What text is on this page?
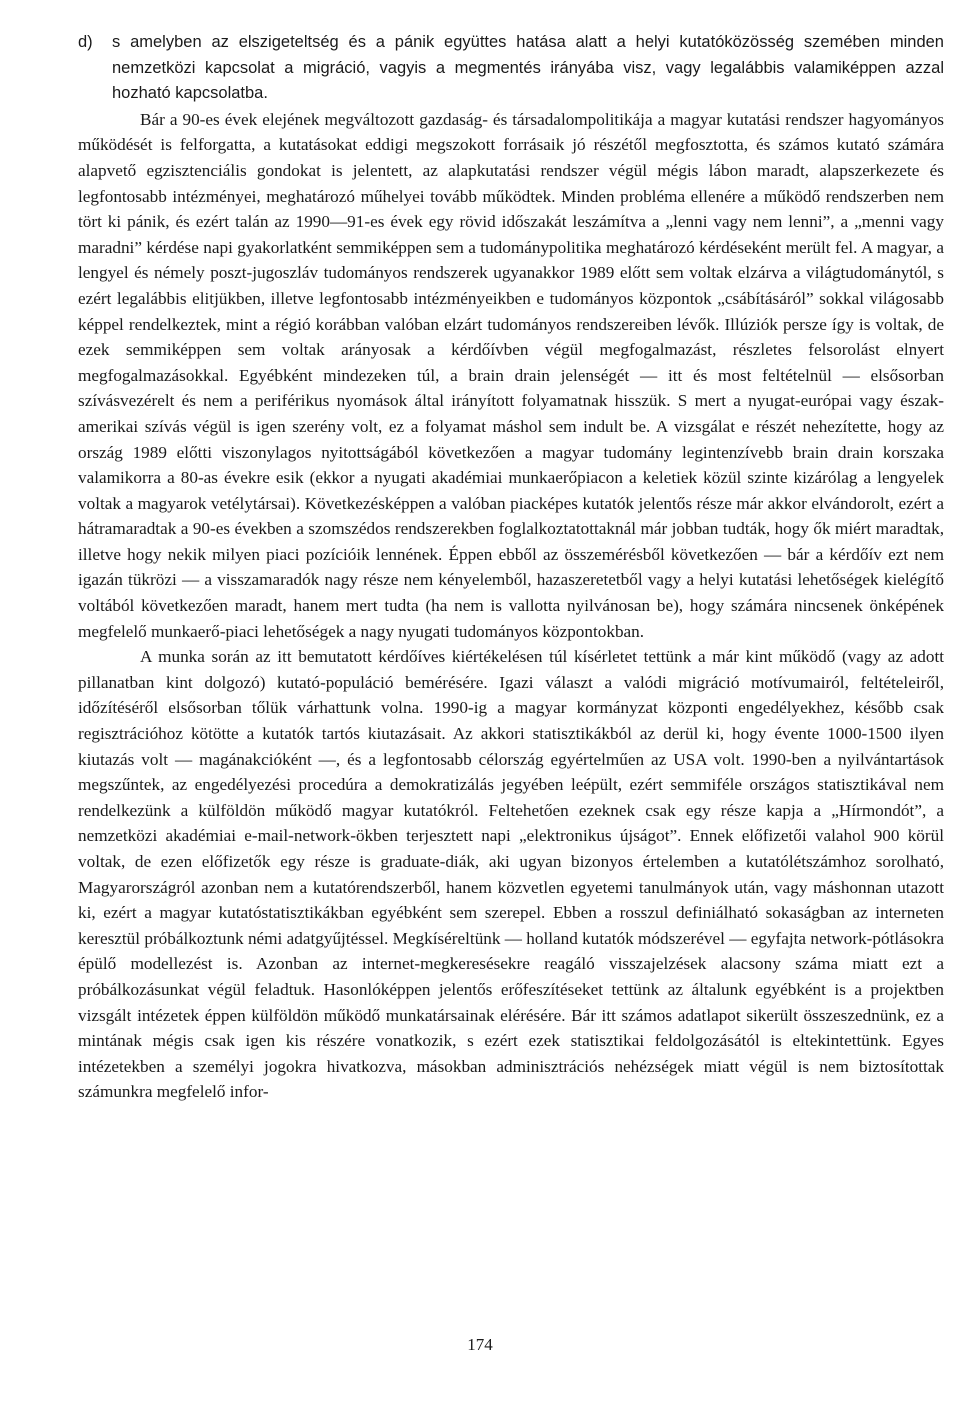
d)	s amelyben az elszigeteltség és a pánik együttes hatása alatt a helyi kutatóközösség szemében minden nemzetközi kapcsolat a migráció, vagyis a megmentés irányába visz, vagy legalábbis valamiképpen azzal hozható kapcsolatba.

Bár a 90-es évek elejének megváltozott gazdaság- és társadalompolitikája a magyar kutatási rendszer hagyományos működését is felforgatta, a kutatásokat eddigi megszokott forrásaik jó részétől megfosztotta, és számos kutató számára alapvető egzisztenciális gondokat is jelentett, az alapkutatási rendszer végül mégis lábon maradt, alapszerkezete és legfontosabb intézményei, meghatározó műhelyei tovább működtek. Minden probléma ellenére a működő rendszerben nem tört ki pánik, és ezért talán az 1990—91-es évek egy rövid időszakát leszámítva a „lenni vagy nem lenni”, a „menni vagy maradni” kérdése napi gyakorlatként semmiképpen sem a tudománypolitika meghatározó kérdéseként merült fel. A magyar, a lengyel és némely poszt-jugoszláv tudományos rendszerek ugyanakkor 1989 előtt sem voltak elzárva a világtudománytól, s ezért legalábbis elitjükben, illetve legfontosabb intézményeikben e tudományos központok „csábításáról” sokkal világosabb képpel rendelkeztek, mint a régió korábban valóban elzárt tudományos rendszereiben lévők. Illúziók persze így is voltak, de ezek semmiképpen sem voltak arányosak a kérdőívben végül megfogalmazást, részletes felsorolást elnyert megfogalmazásokkal. Egyébként mindezeken túl, a brain drain jelenségét — itt és most feltételnül — elsősorban szívásvezérelt és nem a periférikus nyomások által irányított folyamatnak hisszük. S mert a nyugat-európai vagy észak-amerikai szívás végül is igen szerény volt, ez a folyamat máshol sem indult be. A vizsgálat e részét nehezítette, hogy az ország 1989 előtti viszonylagos nyitottságából következően a magyar tudomány legintenzívebb brain drain korszaka valamikorra a 80-as évekre esik (ekkor a nyugati akadémiai munkaerőpiacon a keletiek közül szinte kizárólag a lengyelek voltak a magyarok vetélytársai). Következésképpen a valóban piacképes kutatók jelentős része már akkor elvándorolt, ezért a hátramaradtak a 90-es években a szomszédos rendszerekben foglalkoztatottaknál már jobban tudták, hogy ők miért maradtak, illetve hogy nekik milyen piaci pozícióik lennének. Éppen ebből az összemérésből következően — bár a kérdőív ezt nem igazán tükrözi — a visszamaradók nagy része nem kényelemből, hazaszeretetből vagy a helyi kutatási lehetőségek kielégítő voltából következően maradt, hanem mert tudta (ha nem is vallotta nyilvánosan be), hogy számára nincsenek önképének megfelelő munkaerő-piaci lehetőségek a nagy nyugati tudományos központokban.

A munka során az itt bemutatott kérdőíves kiértékelésen túl kísérletet tettünk a már kint működő (vagy az adott pillanatban kint dolgozó) kutató-populáció bemérésére. Igazi választ a valódi migráció motívumairól, feltételeiről, időzítéséről elsősorban tőlük várhattunk volna. 1990-ig a magyar kormányzat központi engedélyekhez, később csak regisztrációhoz kötötte a kutatók tartós kiutazásait. Az akkori statisztikákból az derül ki, hogy évente 1000-1500 ilyen kiutazás volt — magánakcióként —, és a legfontosabb célország egyértelműen az USA volt. 1990-ben a nyilvántartások megszűntek, az engedélyezési procedúra a demokratizálás jegyében leépült, ezért semmiféle országos statisztikával nem rendelkezünk a külföldön működő magyar kutatókról. Feltehetően ezeknek csak egy része kapja a „Hírmondót”, a nemzetközi akadémiai e-mail-network-ökben terjesztett napi „elektronikus újságot”. Ennek előfizetői valahol 900 körül voltak, de ezen előfizetők egy része is graduate-diák, aki ugyan bizonyos értelemben a kutatólétszámhoz sorolható, Magyarországról azonban nem a kutatórendszerből, hanem közvetlen egyetemi tanulmányok után, vagy máshonnan utazott ki, ezért a magyar kutatóstatisztikákban egyébként sem szerepel. Ebben a rosszul definiálható sokaságban az interneten keresztül próbálkoztunk némi adatgyűjtéssel. Megkíséreltünk — holland kutatók módszerével — egyfajta network-pótlásokra épülő modellezést is. Azonban az internet-megkeresésekre reagáló visszajelzések alacsony száma miatt ezt a próbálkozásunkat végül feladtuk. Hasonlóképpen jelentős erőfeszítéseket tettünk az általunk egyébként is a projektben vizsgált intézetek éppen külföldön működő munkatársainak elérésére. Bár itt számos adatlapot sikerült összeszednünk, ez a mintának mégis csak igen kis részére vonatkozik, s ezért ezek statisztikai feldolgozásától is eltekintettünk. Egyes intézetekben a személyi jogokra hivatkozva, másokban adminisztrációs nehézségek miatt végül is nem biztosítottak számunkra megfelelő infor-

174
